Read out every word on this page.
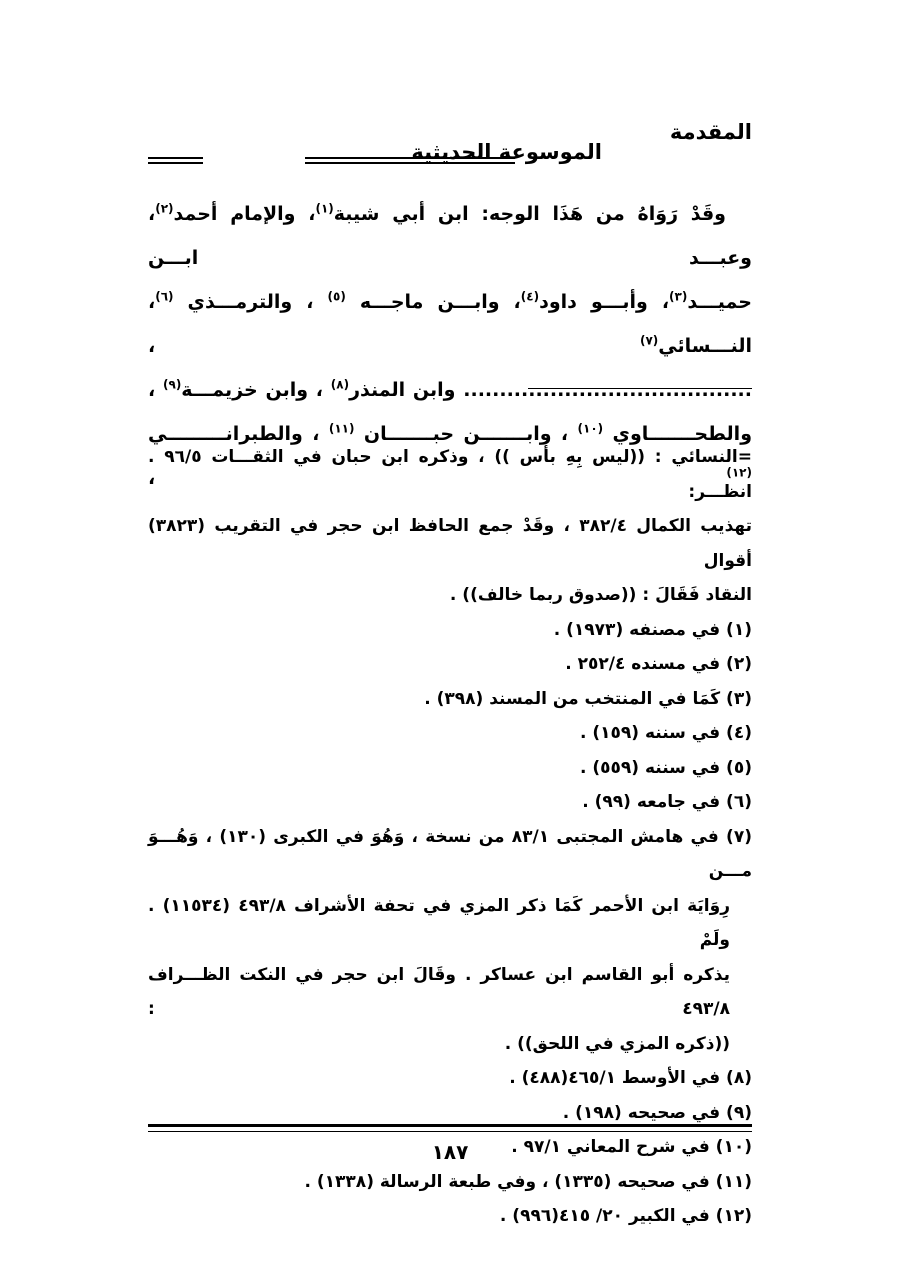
المقدمة
الموسوعة الحديثية

وقَدْ رَوَاهُ من هَذَا الوجه: ابن أبي شيبة$^{(١)}$، والإمام أحمد$^{(٢)}$، وعبـــد ابـــن

حميـــد$^{(٣)}$، وأبـــو داود$^{(٤)}$، وابـــن ماجـــه $^{(٥)}$ ، والترمـــذي $^{(٦)}$، النـــسائي$^{(٧)}$ ،

........................................ وابن المنذر$^{(٨)}$ ، وابن خزيمـــة$^{(٩)}$ ،

والطحـــــــاوي $^{(١٠)}$ ، وابـــــــن حبـــــــان $^{(١١)}$ ، والطبرانـــــــــي $^{(١٢)}$ ،

=النسائي : ((ليس بِهِ بأس )) ، وذكره ابن حبان في الثقـــات ٩٦/٥ . انظـــر:

تهذيب الكمال ٣٨٢/٤ ، وقَدْ جمع الحافظ ابن حجر في التقريب (٣٨٢٣) أقوال

النقاد فَقَالَ : ((صدوق ربما خالف)) .

(١) في مصنفه (١٩٧٣) .

(٢) في مسنده ٢٥٢/٤ .

(٣) كَمَا في المنتخب من المسند (٣٩٨) .

(٤) في سننه (١٥٩) .

(٥) في سننه (٥٥٩) .

(٦) في جامعه (٩٩) .

(٧) في هامش المجتبى ٨٣/١ من نسخة ، وَهُوَ في الكبرى (١٣٠) ، وَهُـــوَ مـــن

رِوَايَة ابن الأحمر كَمَا ذكر المزي في تحفة الأشراف ٤٩٣/٨ (١١٥٣٤) . ولَمْ

يذكره أبو القاسم ابن عساكر . وقَالَ ابن حجر في النكت الظـــراف ٤٩٣/٨ :

((ذكره المزي في اللحق)) .

(٨) في الأوسط ٤٦٥/١(٤٨٨) .

(٩) في صحيحه (١٩٨) .

(١٠) في شرح المعاني ٩٧/١ .

(١١) في صحيحه (١٣٣٥) ، وفي طبعة الرسالة (١٣٣٨) .

(١٢) في الكبير ٢٠/ ٤١٥(٩٩٦) .

١٨٧
